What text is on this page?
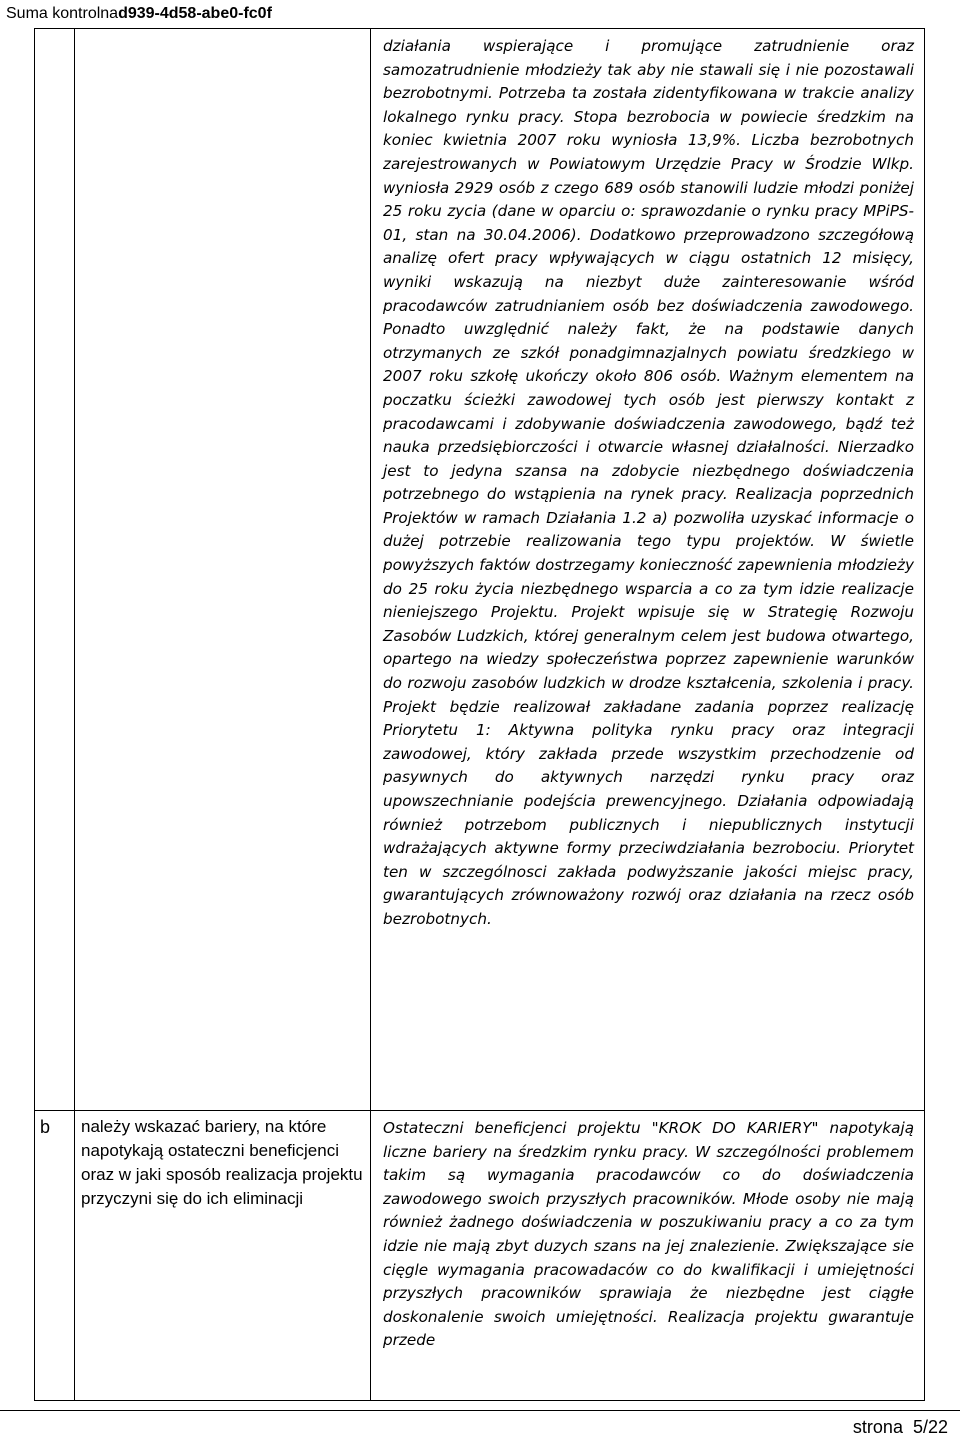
Suma kontrolnad939-4d58-abe0-fc0f

		działania wspierające i promujące zatrudnienie oraz samozatrudnienie młodzieży tak aby nie stawali się i nie pozostawali bezrobotnymi. Potrzeba ta została zidentyfikowana w trakcie analizy lokalnego rynku pracy. Stopa bezrobocia w powiecie średzkim na koniec kwietnia 2007 roku wyniosła 13,9%. Liczba bezrobotnych zarejestrowanych w Powiatowym Urzędzie Pracy w Środzie Wlkp. wyniosła 2929 osób z czego 689 osób stanowili ludzie młodzi poniżej 25 roku zycia (dane w oparciu o: sprawozdanie o rynku pracy MPiPS-01, stan na 30.04.2006). Dodatkowo przeprowadzono szczegółową analizę ofert pracy wpływających w ciągu ostatnich 12 misięcy, wyniki wskazują na niezbyt duże zainteresowanie wśród pracodawców zatrudnianiem osób bez doświadczenia zawodowego. Ponadto uwzględnić należy fakt, że na podstawie danych otrzymanych ze szkół ponadgimnazjalnych powiatu średzkiego w 2007 roku szkołę ukończy około 806 osób. Ważnym elementem na poczatku ścieżki zawodowej tych osób jest pierwszy kontakt z pracodawcami i zdobywanie doświadczenia zawodowego, bądź też nauka przedsiębiorczości i otwarcie własnej działalności. Nierzadko jest to jedyna szansa na zdobycie niezbędnego doświadczenia potrzebnego do wstąpienia na rynek pracy. Realizacja poprzednich Projektów w ramach Działania 1.2 a) pozwoliła uzyskać informacje o dużej potrzebie realizowania tego typu projektów. W świetle powyższych faktów dostrzegamy konieczność zapewnienia młodzieży do 25 roku życia niezbędnego wsparcia a co za tym idzie realizacje nieniejszego Projektu. Projekt wpisuje się w Strategię Rozwoju Zasobów Ludzkich, której generalnym celem jest budowa otwartego, opartego na wiedzy społeczeństwa poprzez zapewnienie warunków do rozwoju zasobów ludzkich w drodze kształcenia, szkolenia i pracy. Projekt będzie realizował zakładane zadania poprzez realizację Priorytetu 1: Aktywna polityka rynku pracy oraz integracji zawodowej, który zakłada przede wszystkim przechodzenie od pasywnych do aktywnych narzędzi rynku pracy oraz upowszechnianie podejścia prewencyjnego. Działania odpowiadają również potrzebom publicznych i niepublicznych instytucji wdrażających aktywne formy przeciwdziałania bezrobociu. Priorytet ten w szczególnosci zakłada podwyższanie jakości miejsc pracy, gwarantujących zrównoważony rozwój oraz działania na rzecz osób bezrobotnych.

b	należy wskazać bariery, na które napotykają ostateczni beneficjenci oraz w jaki sposób realizacja projektu przyczyni się do ich eliminacji	Ostateczni beneficjenci projektu "KROK DO KARIERY" napotykają liczne bariery na średzkim rynku pracy. W szczególności problemem takim są wymagania pracodawców co do doświadczenia zawodowego swoich przyszłych pracowników. Młode osoby nie mają również żadnego doświadczenia w poszukiwaniu pracy a co za tym idzie nie mają zbyt duzych szans na jej znalezienie. Zwiększające sie cięgle wymagania pracowadaców co do kwalifikacji i umiejętności przyszłych pracowników sprawiaja że niezbędne jest ciągłe doskonalenie swoich umiejętności. Realizacja projektu gwarantuje przede

strona 5/22
